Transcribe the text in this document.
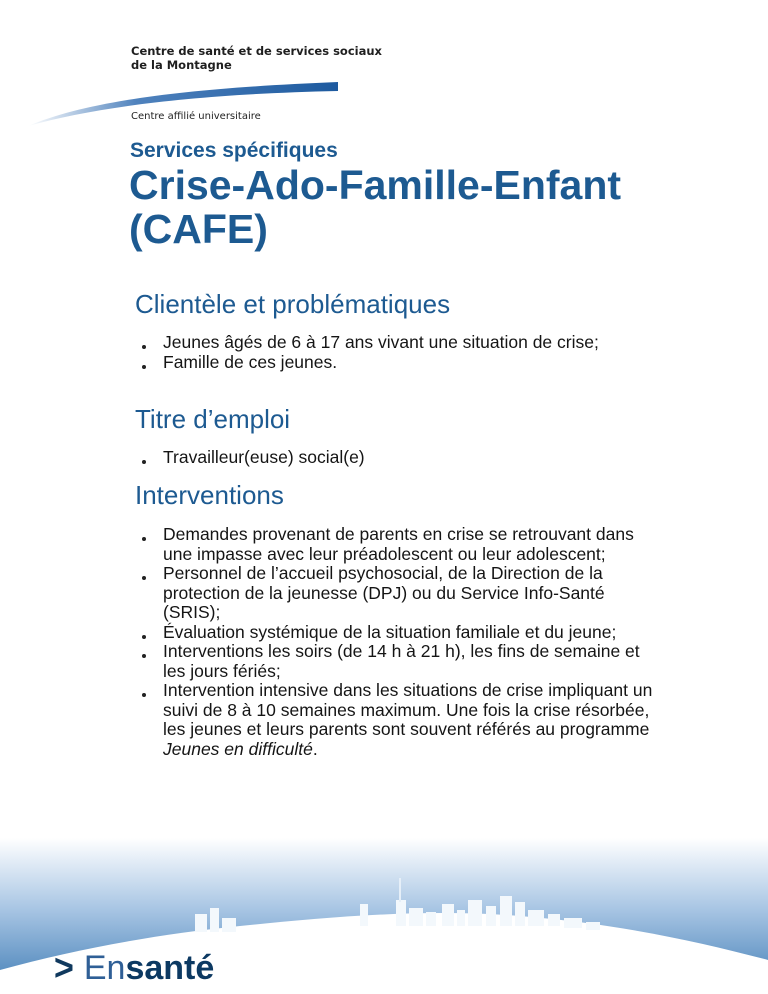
Centre de santé et de services sociaux
de la Montagne
Centre affilié universitaire
Services spécifiques
Crise-Ado-Famille-Enfant
(CAFE)
Clientèle et problématiques
Jeunes âgés de 6 à 17 ans vivant une situation de crise;
Famille de ces jeunes.
Titre d’emploi
Travailleur(euse) social(e)
Interventions
Demandes provenant de parents en crise se retrouvant dans une impasse avec leur préadolescent ou leur adolescent;
Personnel de l’accueil psychosocial, de la Direction de la protection de la jeunesse (DPJ) ou du Service Info-Santé (SRIS);
Évaluation systémique de la situation familiale et du jeune;
Interventions les soirs (de 14 h à 21 h), les fins de semaine et les jours fériés;
Intervention intensive dans les situations de crise impliquant un suivi de 8 à 10 semaines maximum. Une fois la crise résorbée, les jeunes et leurs parents sont souvent référés au programme Jeunes en difficulté.
> Ensanté
